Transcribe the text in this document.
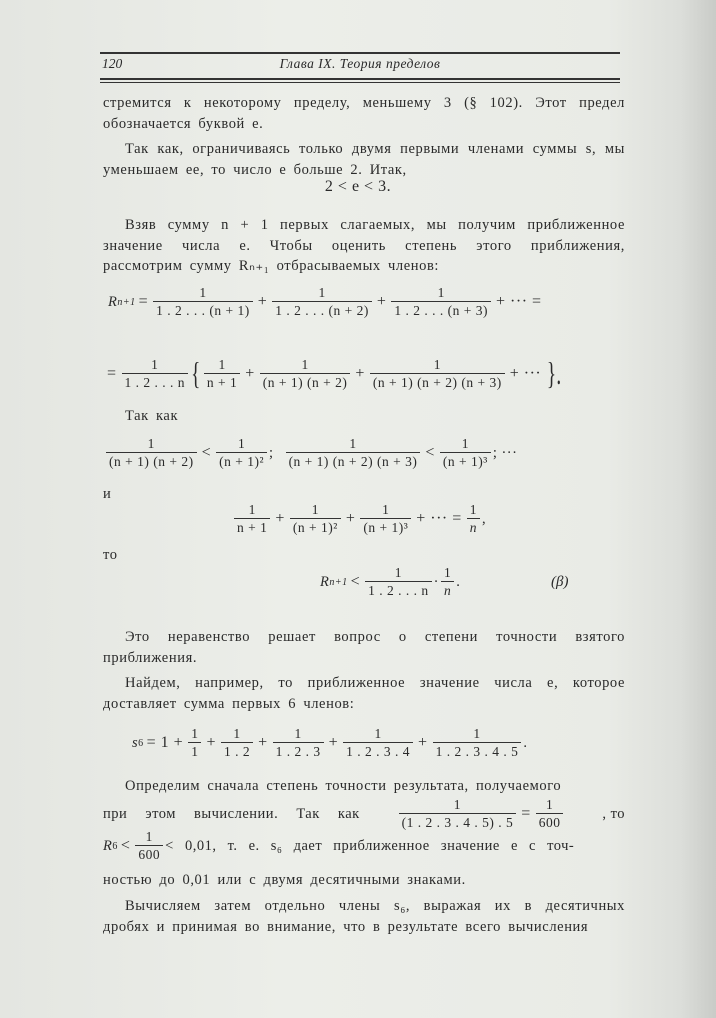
120	Глава IX. Теория пределов
стремится к некоторому пределу, меньшему 3 (§ 102). Этот предел обозначается буквой e.
Так как, ограничиваясь только двумя первыми членами суммы s, мы уменьшаем ее, то число e больше 2. Итак,
2 < e < 3.
Взяв сумму n + 1 первых слагаемых, мы получим приближенное значение числа e. Чтобы оценить степень этого приближения, рассмотрим сумму Rₙ₊₁ отбрасываемых членов:
R $n+1 = \frac{1}{1 . 2 . . . (n + 1)} + \frac{1}{1 . 2 . . . (n + 2)} + \frac{1}{1 . 2 . . . (n + 3)}$ + ··· =
= $\frac{1}{1 . 2 . . . n}$ { $\frac{1}{n + 1} + \frac{1}{(n + 1) (n + 2)} + \frac{1}{(n + 1) (n + 2) (n + 3)}$ + ··· }.
Так как
$\frac{1}{(n + 1) (n + 2)} < \frac{1}{\text{(n + 1)²}}$ ; $\frac{1}{(n + 1) (n + 2) (n + 3)} < \frac{1}{\text{(n + 1)³}}$ ; ···
и
$\frac{1}{n + 1} + \frac{1}{\text{(n + 1)²}} + \frac{1}{\text{(n + 1)³}}$ + ··· = $\frac{1}{n}$ ,
то
R $n+1 < \frac{1}{1 . 2 . . . n} \cdot \frac{1}{n}$ .	(β)
Это неравенство решает вопрос о степени точности взятого приближения.
Найдем, например, то приближенное значение числа e, которое доставляет сумма первых 6 членов:
s $6 = 1 + \frac{1}{1} + \frac{1}{1 . 2} + \frac{1}{1 . 2 . 3} + \frac{1}{1 . 2 . 3 . 4} + \frac{1}{1 . 2 . 3 . 4 . 5}$ .
Определим сначала степень точности результата, получаемого
при этом вычислении. Так как	$\frac{1}{(1 . 2 . 3 . 4 . 5) . 5} = \frac{1}{600}$	, то
R $6 < \frac{1}{600} < 0,01$, т. е. s₆ дает приближенное значение e с точ-
ностью до 0,01 или с двумя десятичными знаками.
Вычисляем затем отдельно члены s₆, выражая их в десятичных дробях и принимая во внимание, что в результате всего вычисления
